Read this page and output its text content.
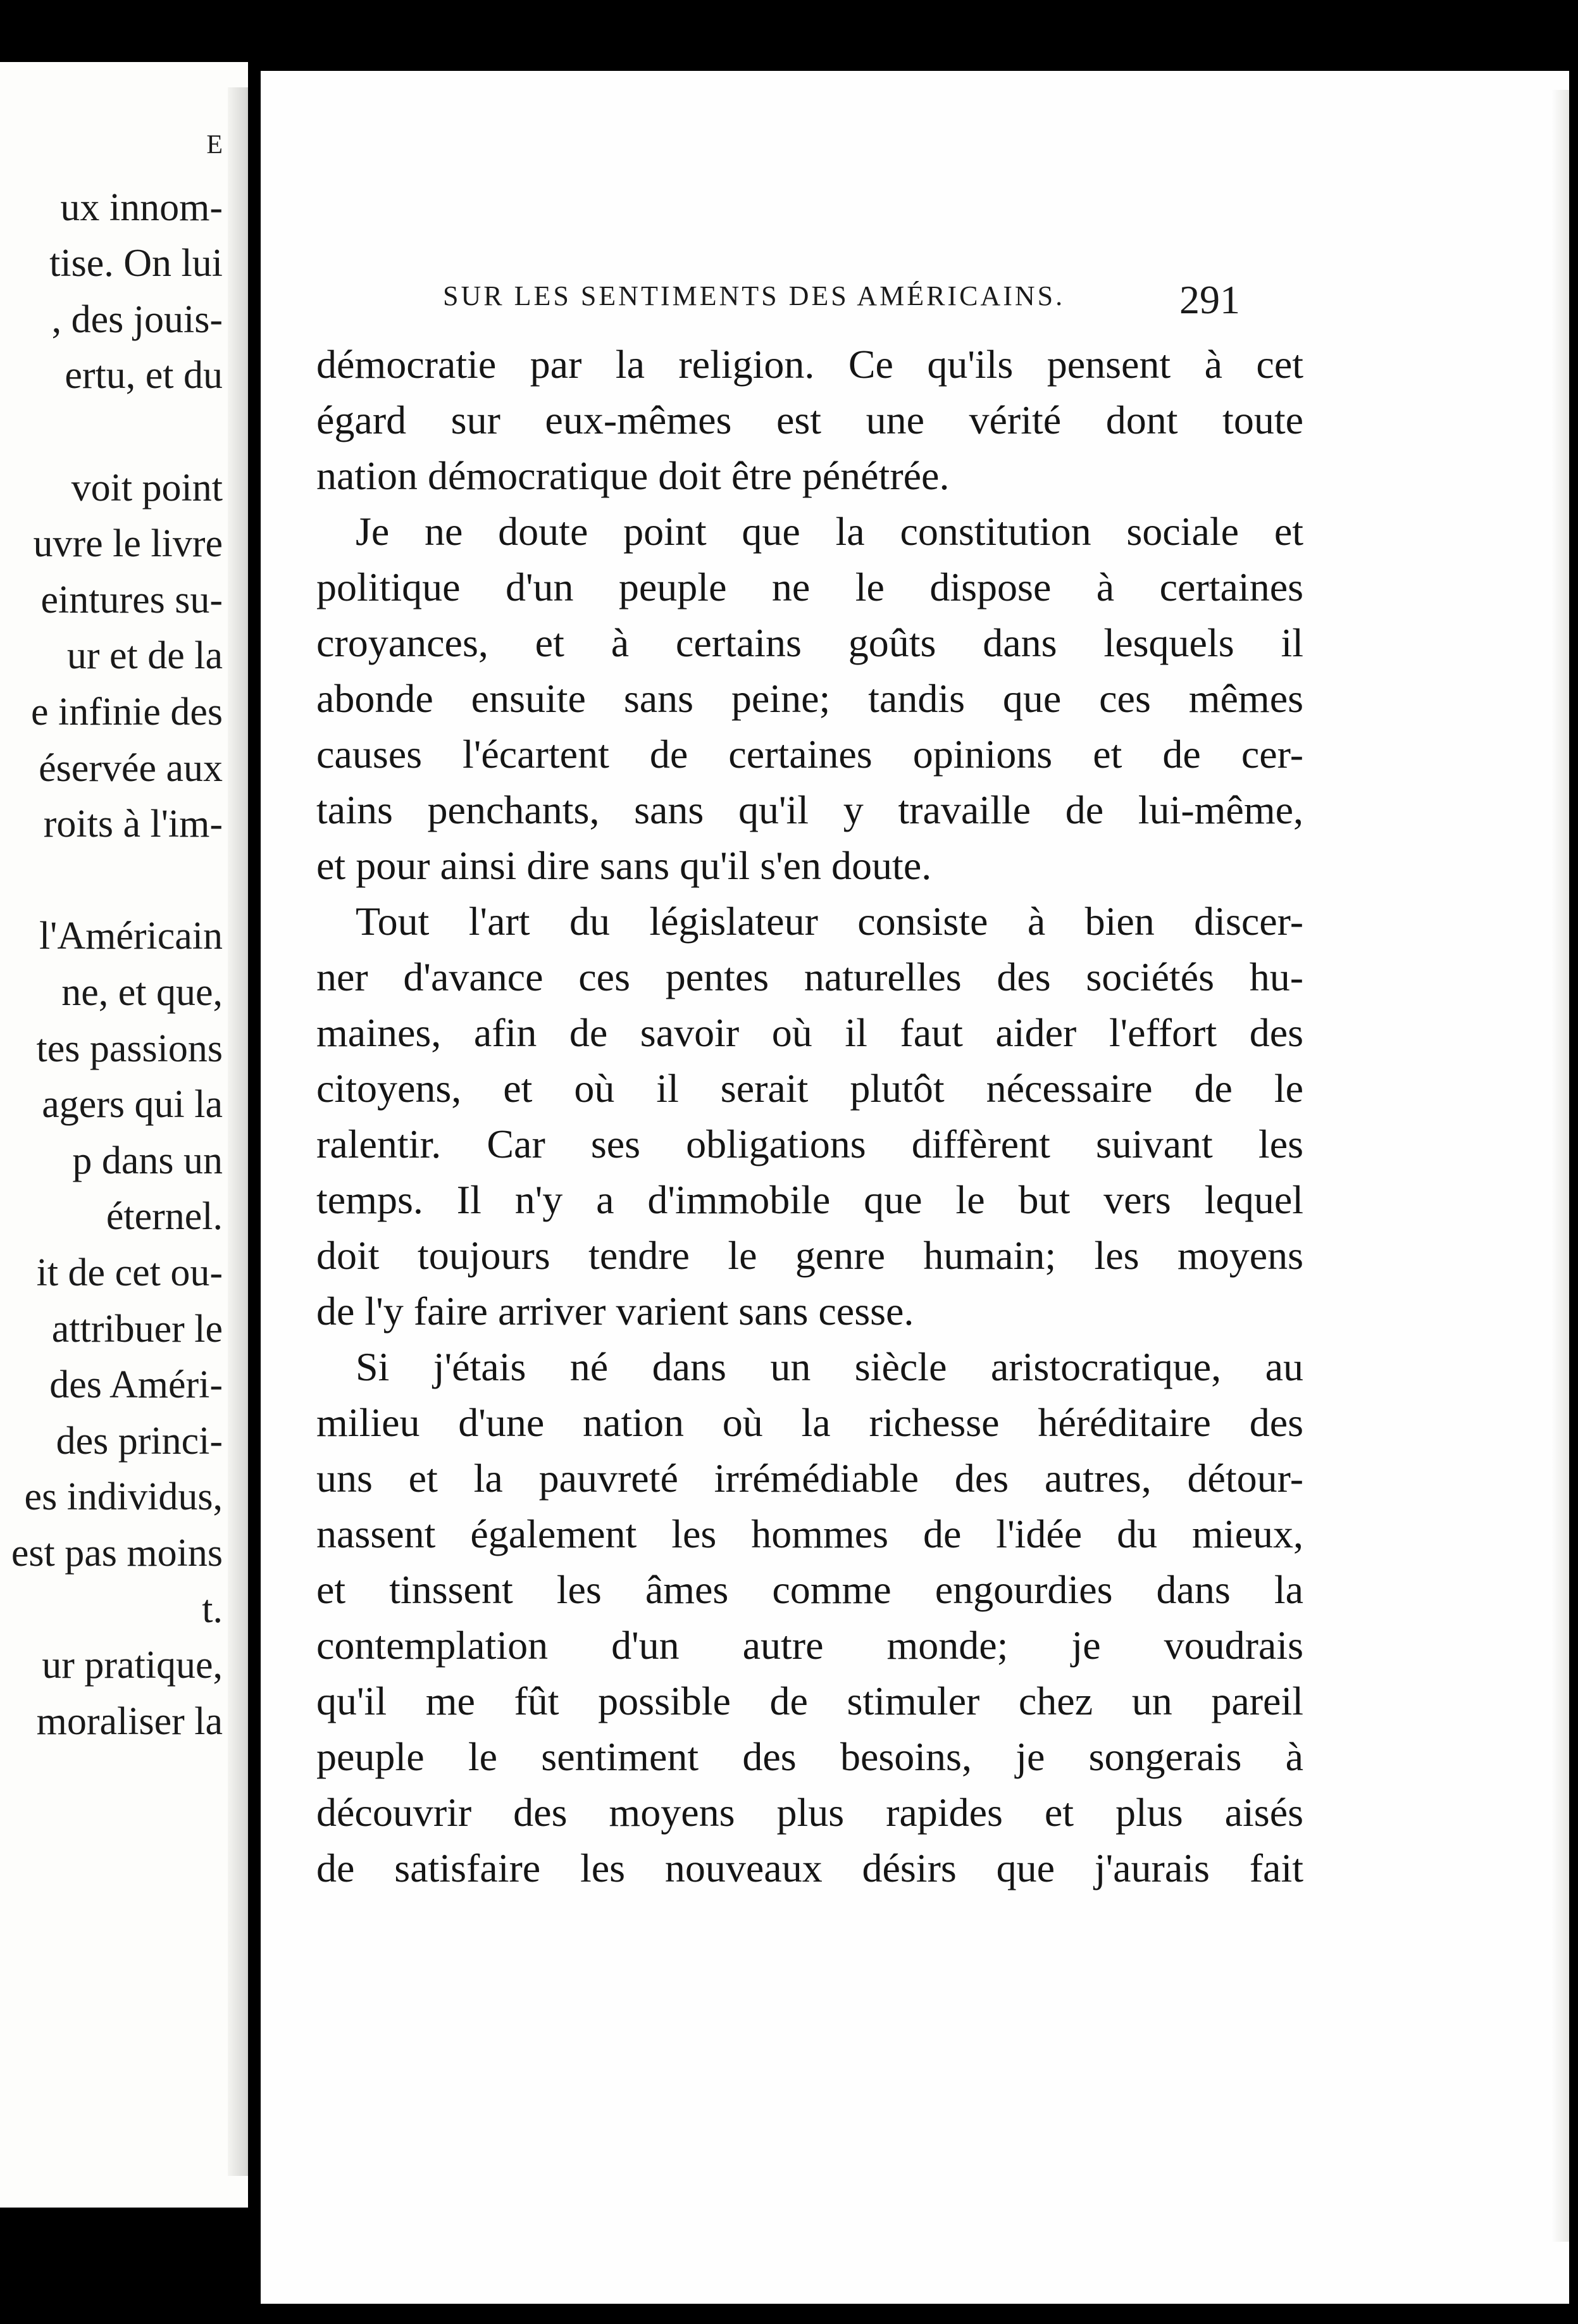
E
ux innom-
tise. On lui
, des jouis-
ertu, et du
voit point
uvre le livre
eintures su-
ur et de la
e infinie des
éservée aux
roits à l'im-
l'Américain
ne, et que,
tes passions
agers qui la
p dans un
éternel.
it de cet ou-
attribuer le
des Améri-
des princi-
es individus,
est pas moins
t.
ur pratique,
moraliser la
SUR LES SENTIMENTS DES AMÉRICAINS.	291
démocratie par la religion. Ce qu'ils pensent à cet
égard sur eux-mêmes est une vérité dont toute
nation démocratique doit être pénétrée.
Je ne doute point que la constitution sociale et
politique d'un peuple ne le dispose à certaines
croyances, et à certains goûts dans lesquels il
abonde ensuite sans peine; tandis que ces mêmes
causes l'écartent de certaines opinions et de cer-
tains penchants, sans qu'il y travaille de lui-même,
et pour ainsi dire sans qu'il s'en doute.
Tout l'art du législateur consiste à bien discer-
ner d'avance ces pentes naturelles des sociétés hu-
maines, afin de savoir où il faut aider l'effort des
citoyens, et où il serait plutôt nécessaire de le
ralentir. Car ses obligations diffèrent suivant les
temps. Il n'y a d'immobile que le but vers lequel
doit toujours tendre le genre humain; les moyens
de l'y faire arriver varient sans cesse.
Si j'étais né dans un siècle aristocratique, au
milieu d'une nation où la richesse héréditaire des
uns et la pauvreté irrémédiable des autres, détour-
nassent également les hommes de l'idée du mieux,
et tinssent les âmes comme engourdies dans la
contemplation d'un autre monde; je voudrais
qu'il me fût possible de stimuler chez un pareil
peuple le sentiment des besoins, je songerais à
découvrir des moyens plus rapides et plus aisés
de satisfaire les nouveaux désirs que j'aurais fait
